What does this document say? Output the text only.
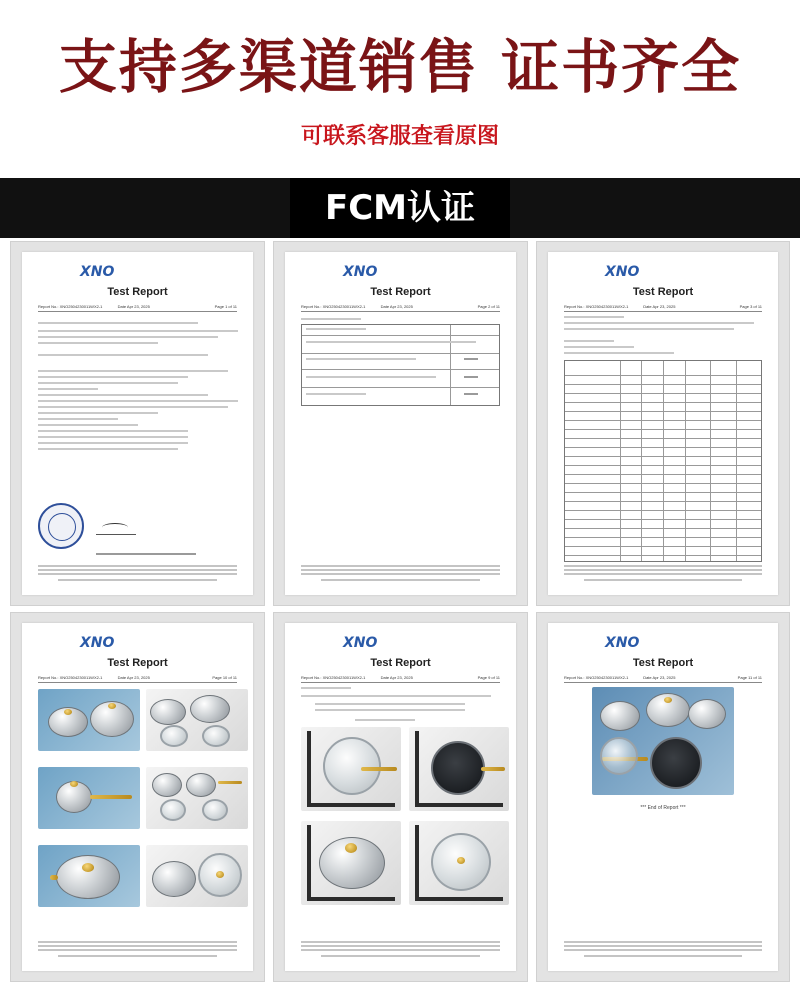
支持多渠道销售 证书齐全
可联系客服查看原图
FCM认证
XNO
Test Report
Report No.: XNO2504230011WX2-1	Date Apr 23, 2025	Page 1 of 11
XNO
Test Report
Report No.: XNO2504230011WX2-1	Date Apr 23, 2025	Page 2 of 11
XNO
Test Report
Report No.: XNO2504230011WX2-1	Date Apr 23, 2025	Page 3 of 11
XNO
Test Report
Report No.: XNO2504230011WX2-1	Date Apr 23, 2025	Page 10 of 11
XNO
Test Report
Report No.: XNO2504230011WX2-1	Date Apr 23, 2025	Page 9 of 11
XNO
Test Report
Report No.: XNO2504230011WX2-1	Date Apr 23, 2025	Page 11 of 11
*** End of Report ***
